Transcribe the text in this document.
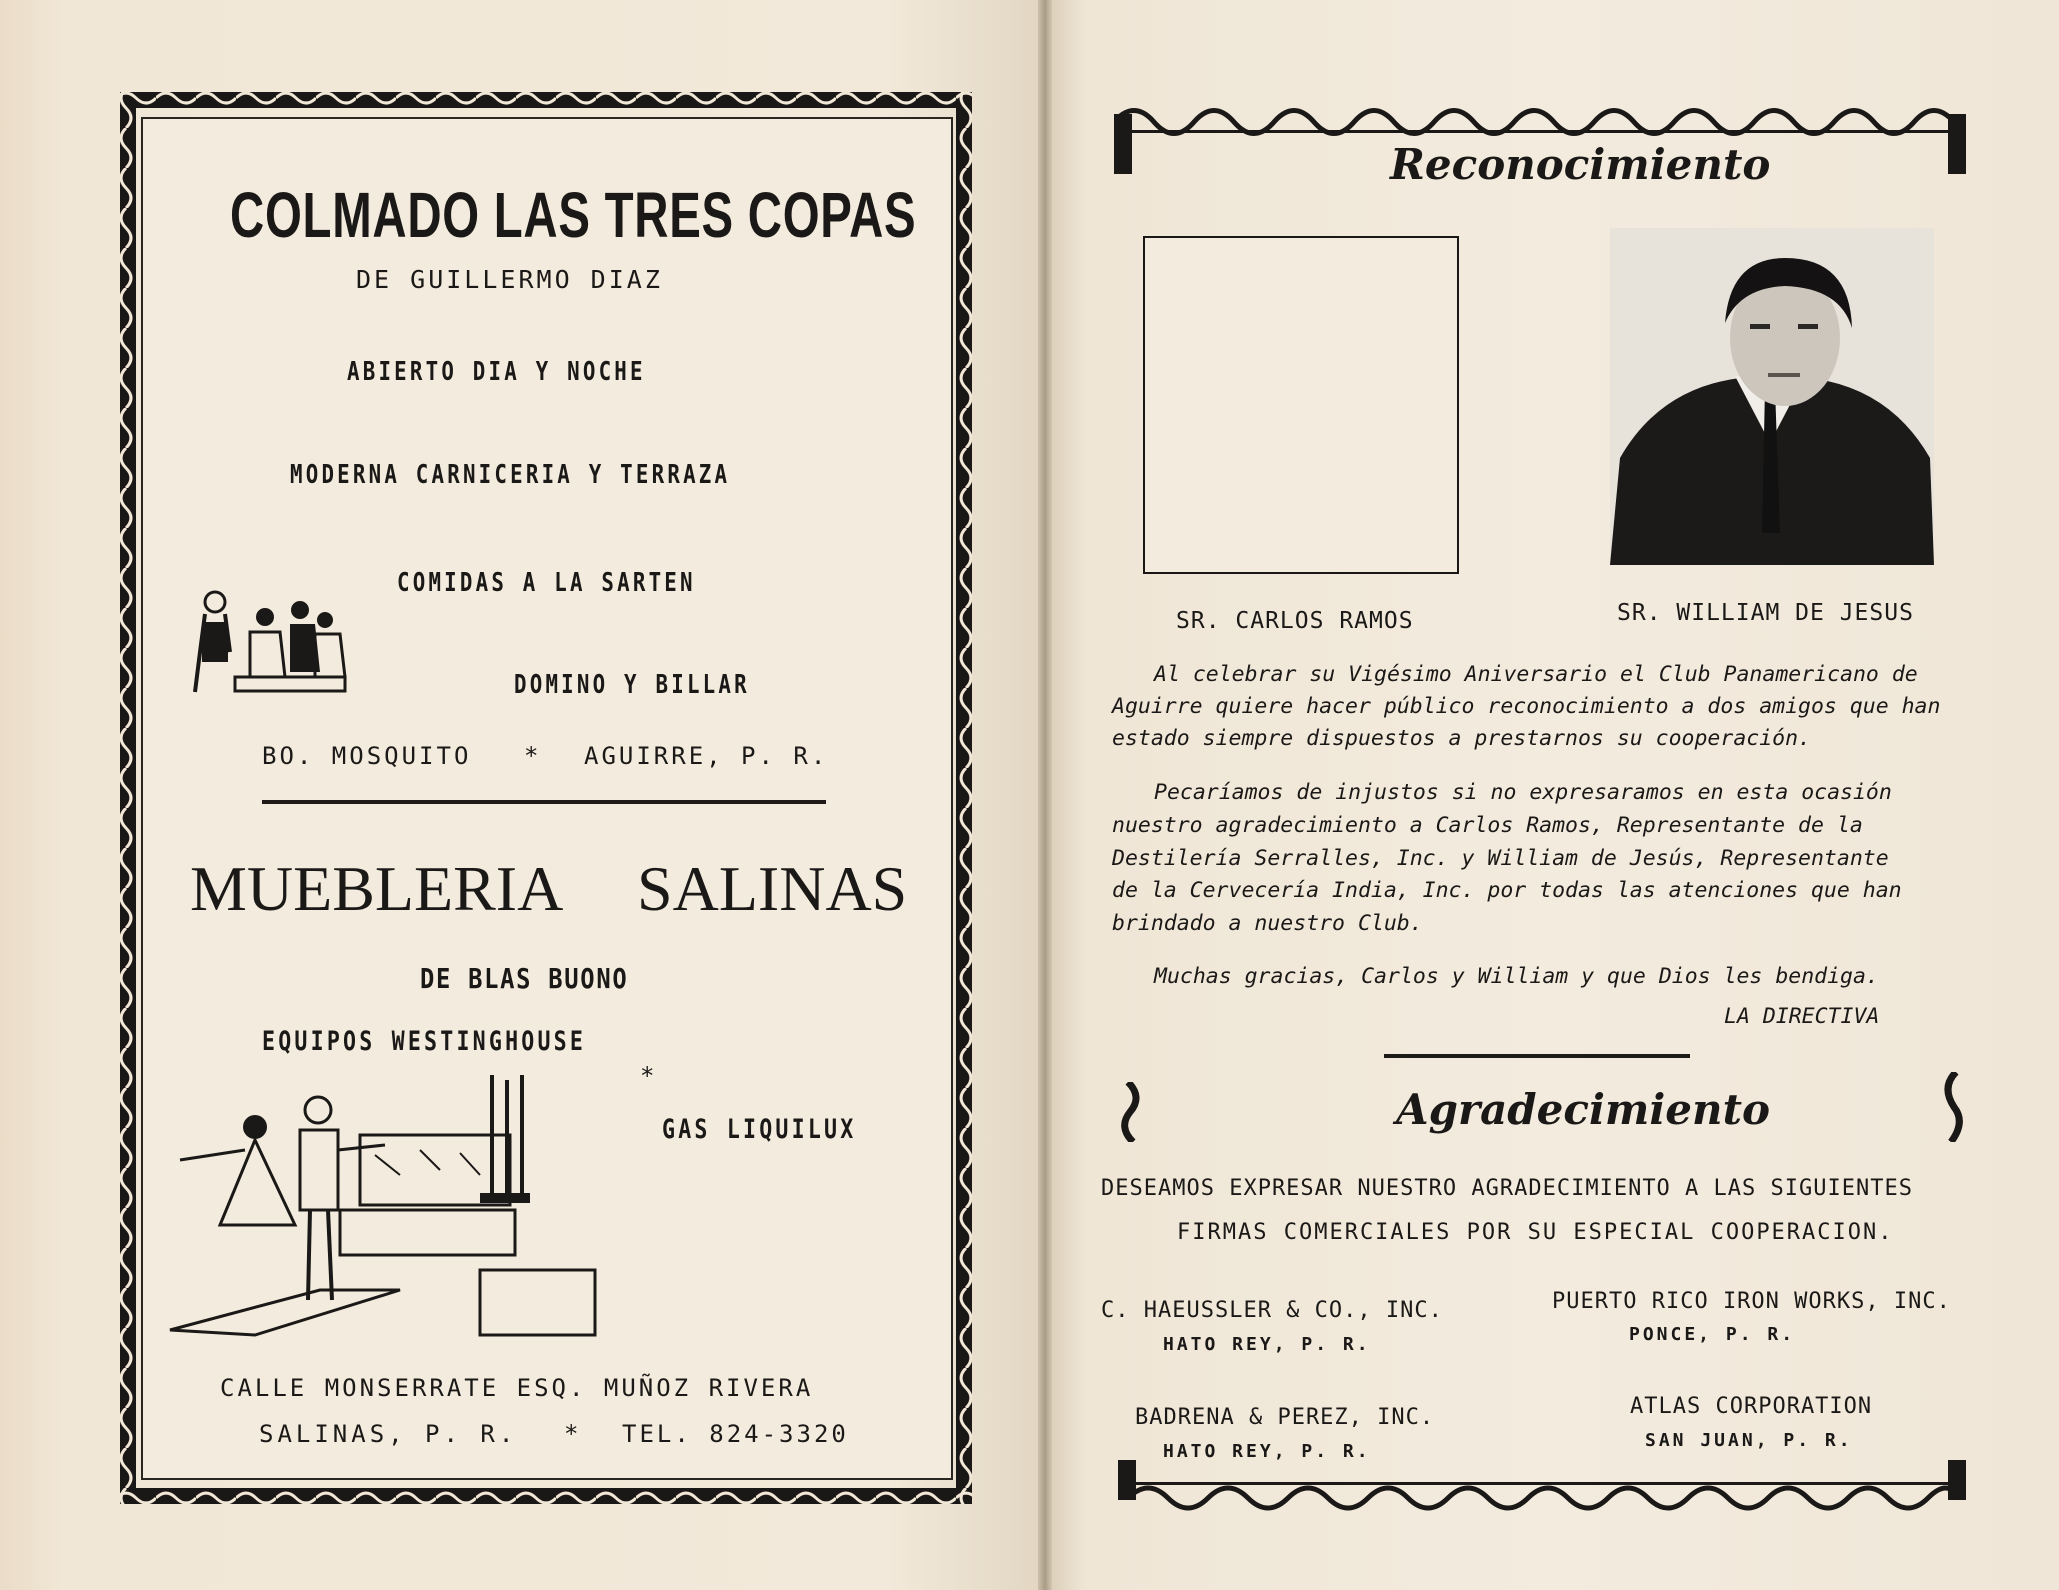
COLMADO LAS TRES COPAS
DE GUILLERMO DIAZ
ABIERTO DIA Y NOCHE
MODERNA CARNICERIA Y TERRAZA
COMIDAS A LA SARTEN
DOMINO Y BILLAR
BO. MOSQUITO * AGUIRRE, P. R.
MUEBLERIA SALINAS
DE BLAS BUONO
EQUIPOS WESTINGHOUSE
*
GAS LIQUILUX
CALLE MONSERRATE ESQ. MUÑOZ RIVERA
SALINAS, P. R. * TEL. 824-3320
Reconocimiento
SR. CARLOS RAMOS	SR. WILLIAM DE JESUS
Al celebrar su Vigésimo Aniversario el Club Panamericano de
Aguirre quiere hacer público reconocimiento a dos amigos que han
estado siempre dispuestos a prestarnos su cooperación.
Pecaríamos de injustos si no expresaramos en esta ocasión
nuestro agradecimiento a Carlos Ramos, Representante de la
Destilería Serralles, Inc. y William de Jesús, Representante
de la Cervecería India, Inc. por todas las atenciones que han
brindado a nuestro Club.
Muchas gracias, Carlos y William y que Dios les bendiga.
LA DIRECTIVA
Agradecimiento
DESEAMOS EXPRESAR NUESTRO AGRADECIMIENTO A LAS SIGUIENTES
FIRMAS COMERCIALES POR SU ESPECIAL COOPERACION.
C. HAEUSSLER & CO., INC.
HATO REY, P. R.
PUERTO RICO IRON WORKS, INC.
PONCE, P. R.
BADRENA & PEREZ, INC.
HATO REY, P. R.
ATLAS CORPORATION
SAN JUAN, P. R.
